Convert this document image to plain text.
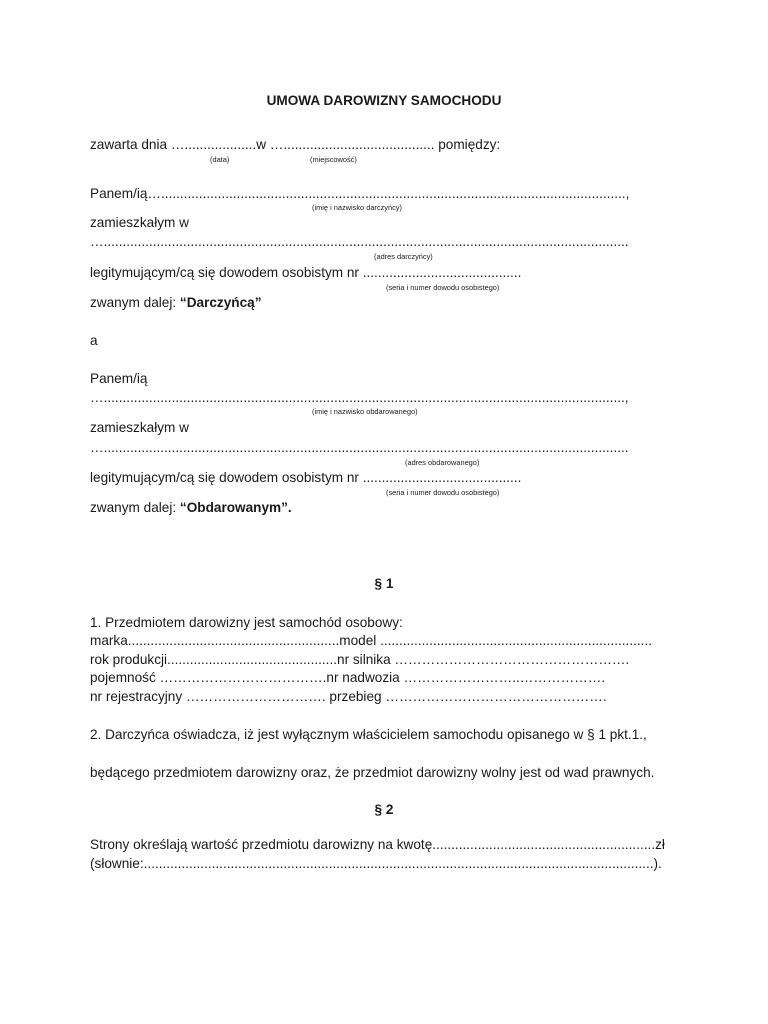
UMOWA DAROWIZNY SAMOCHODU
zawarta dnia …...................w …........................................ pomiędzy:
(data)	(miejscowość)
Panem/ią…...........................................................................................................................,
(imię i nazwisko darczyńcy)
zamieszkałym w
…...........................................................................................................................................
(adres darczyńcy)
legitymującym/cą się dowodem osobistym nr ..........................................
(seria i numer dowodu osobistego)
zwanym dalej: “Darczyńcą”
a
Panem/ią
…..........................................................................................................................................,
(imię i nazwisko obdarowanego)
zamieszkałym w
…...........................................................................................................................................
(adres obdarowanego)
legitymującym/cą się dowodem osobistym nr ..........................................
(seria i numer dowodu osobistego)
zwanym dalej: “Obdarowanym”.
§ 1
1. Przedmiotem darowizny jest samochód osobowy:
marka........................................................model ........................................................................
rok produkcji.............................................nr silnika …………………………………………….
pojemność ……………………………….nr nadwozia ……………………..……………….
nr rejestracyjny …………………………. przebieg ………………………………………….
2. Darczyńca oświadcza, iż jest wyłącznym właścicielem samochodu opisanego w § 1 pkt.1.,
będącego przedmiotem darowizny oraz, że przedmiot darowizny wolny jest od wad prawnych.
§ 2
Strony określają wartość przedmiotu darowizny na kwotę...........................................................zł
(słownie:.......................................................................................................................................).
